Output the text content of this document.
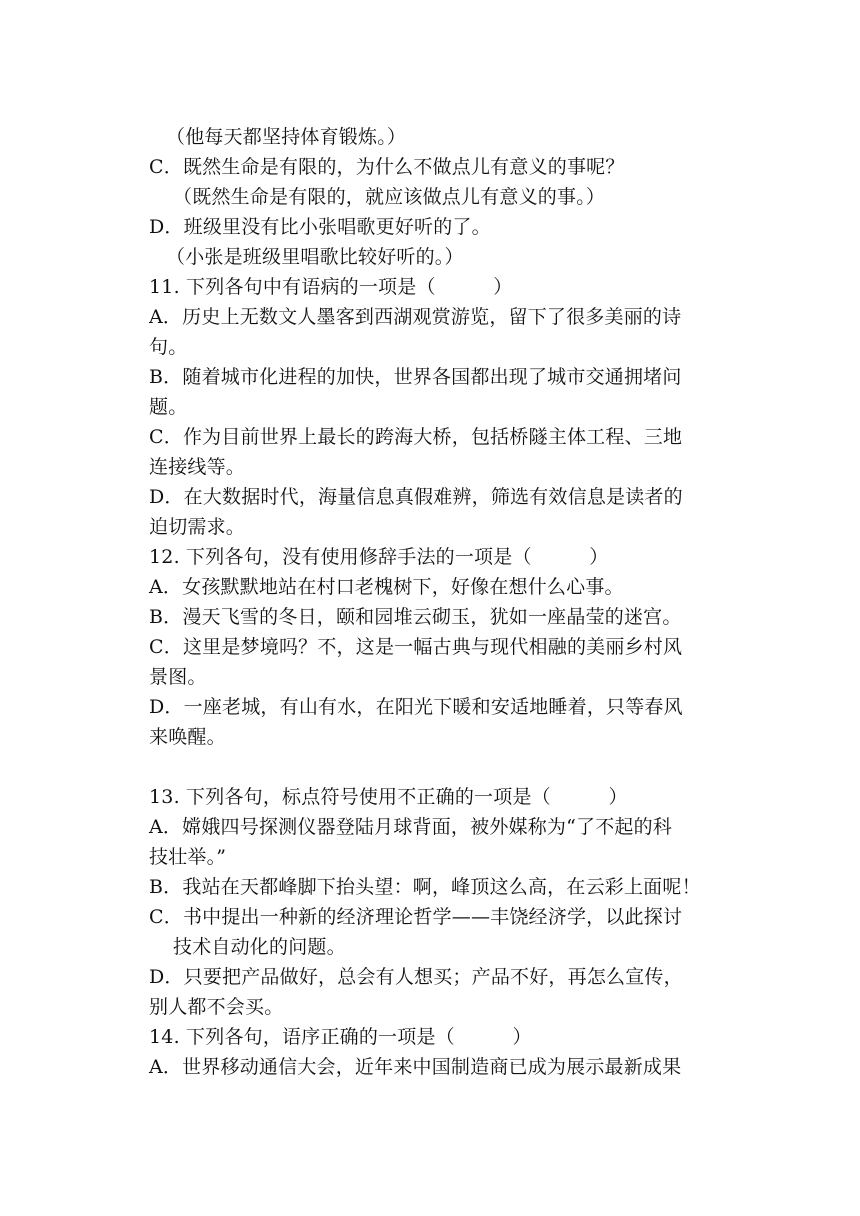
（他每天都坚持体育锻炼。）
C．既然生命是有限的，为什么不做点儿有意义的事呢？
（既然生命是有限的，就应该做点儿有意义的事。）
D．班级里没有比小张唱歌更好听的了。
（小张是班级里唱歌比较好听的。）
11. 下列各句中有语病的一项是（　　　）
A．历史上无数文人墨客到西湖观赏游览，留下了很多美丽的诗
句。
B．随着城市化进程的加快，世界各国都出现了城市交通拥堵问
题。
C．作为目前世界上最长的跨海大桥，包括桥隧主体工程、三地
连接线等。
D．在大数据时代，海量信息真假难辨，筛选有效信息是读者的
迫切需求。
12. 下列各句，没有使用修辞手法的一项是（　　　）
A．女孩默默地站在村口老槐树下，好像在想什么心事。
B．漫天飞雪的冬日，颐和园堆云砌玉，犹如一座晶莹的迷宫。
C．这里是梦境吗？不，这是一幅古典与现代相融的美丽乡村风
景图。
D．一座老城，有山有水，在阳光下暖和安适地睡着，只等春风
来唤醒。
13. 下列各句，标点符号使用不正确的一项是（　　　）
A．嫦娥四号探测仪器登陆月球背面，被外媒称为“了不起的科
技壮举。”
B．我站在天都峰脚下抬头望：啊，峰顶这么高，在云彩上面呢！
C．书中提出一种新的经济理论哲学——丰饶经济学，以此探讨
技术自动化的问题。
D．只要把产品做好，总会有人想买；产品不好，再怎么宣传，
别人都不会买。
14. 下列各句，语序正确的一项是（　　　）
A．世界移动通信大会，近年来中国制造商已成为展示最新成果
